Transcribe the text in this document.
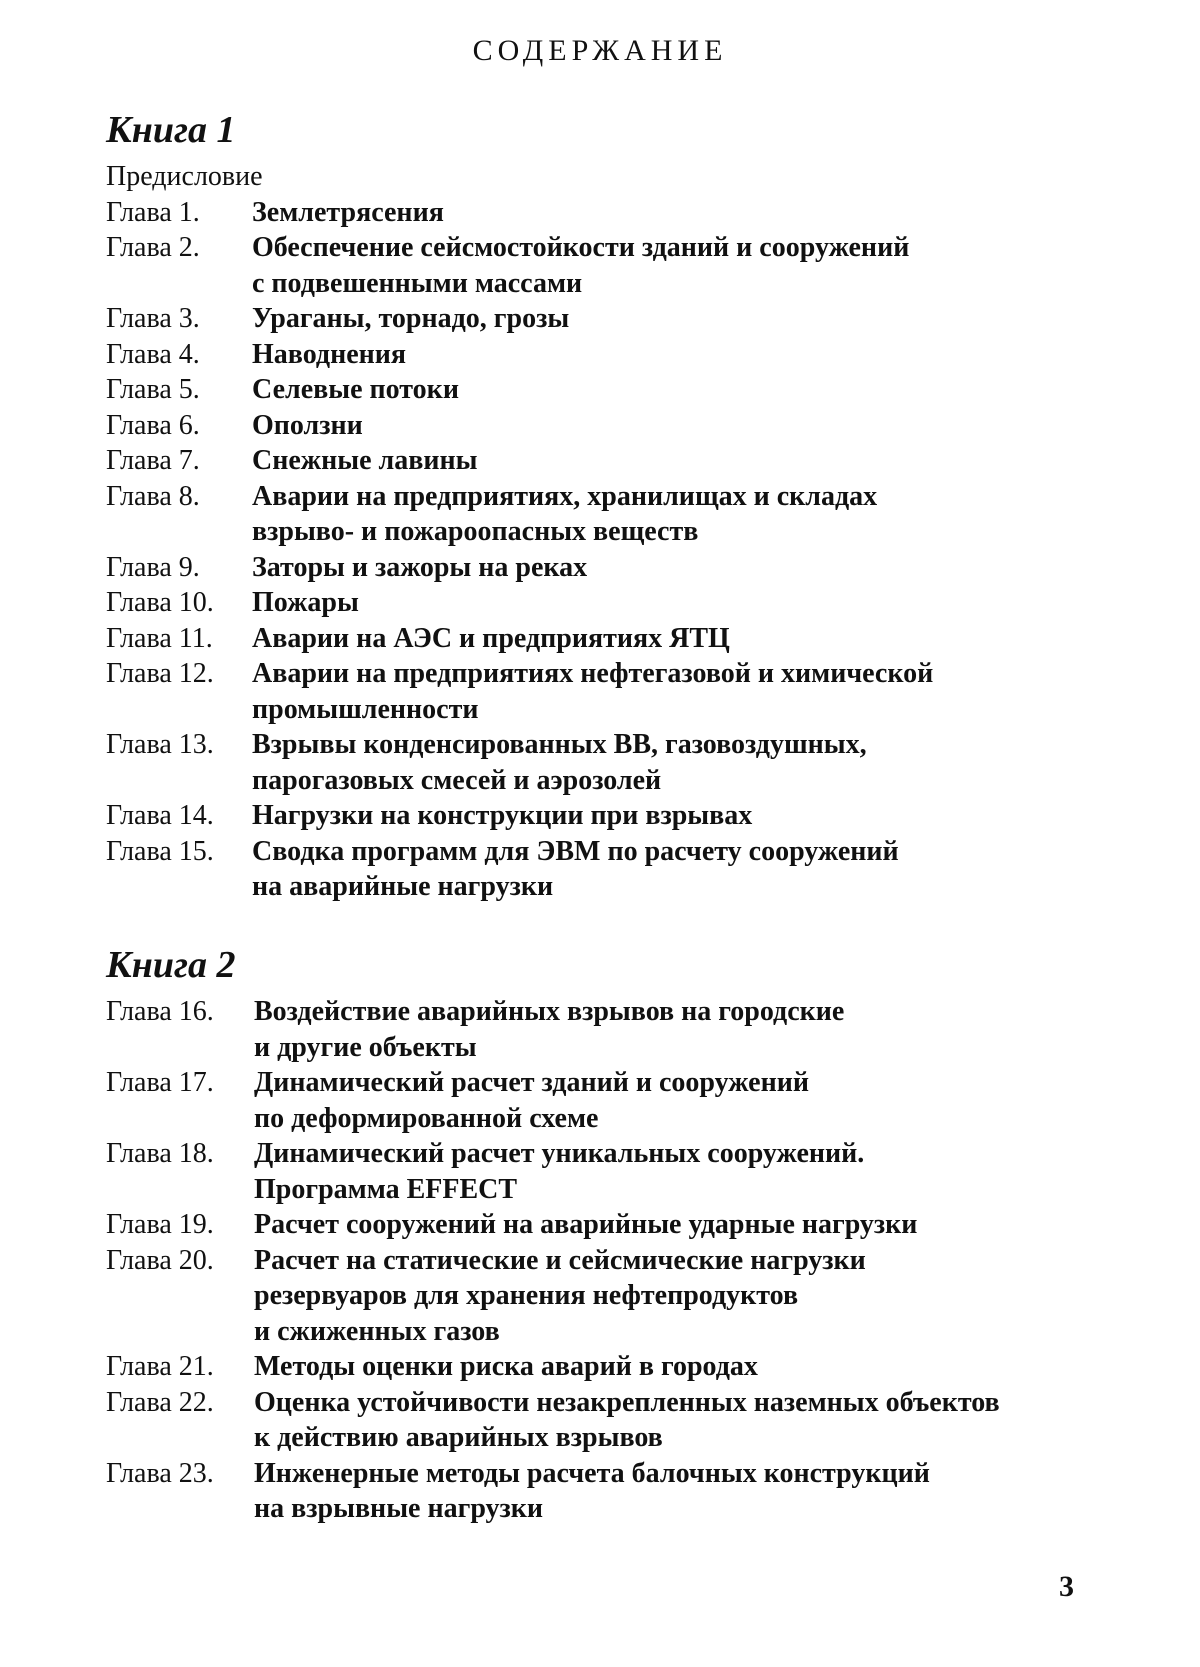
СОДЕРЖАНИЕ
Книга 1
Предисловие
Глава 1.	Землетрясения
Глава 2.	Обеспечение сейсмостойкости зданий и сооружений
с подвешенными массами
Глава 3.	Ураганы, торнадо, грозы
Глава 4.	Наводнения
Глава 5.	Селевые потоки
Глава 6.	Оползни
Глава 7.	Снежные лавины
Глава 8.	Аварии на предприятиях, хранилищах и складах
взрыво- и пожароопасных веществ
Глава 9.	Заторы и зажоры на реках
Глава 10.	Пожары
Глава 11.	Аварии на АЭС и предприятиях ЯТЦ
Глава 12.	Аварии на предприятиях нефтегазовой и химической
промышленности
Глава 13.	Взрывы конденсированных ВВ, газовоздушных,
парогазовых смесей и аэрозолей
Глава 14.	Нагрузки на конструкции при взрывах
Глава 15.	Сводка программ для ЭВМ по расчету сооружений
на аварийные нагрузки
Книга 2
Глава 16.	Воздействие аварийных взрывов на городские
и другие объекты
Глава 17.	Динамический расчет зданий и сооружений
по деформированной схеме
Глава 18.	Динамический расчет уникальных сооружений.
Программа EFFECT
Глава 19.	Расчет сооружений на аварийные ударные нагрузки
Глава 20.	Расчет на статические и сейсмические нагрузки
резервуаров для хранения нефтепродуктов
и сжиженных газов
Глава 21.	Методы оценки риска аварий в городах
Глава 22.	Оценка устойчивости незакрепленных наземных объектов
к действию аварийных взрывов
Глава 23.	Инженерные методы расчета балочных конструкций
на взрывные нагрузки
3
